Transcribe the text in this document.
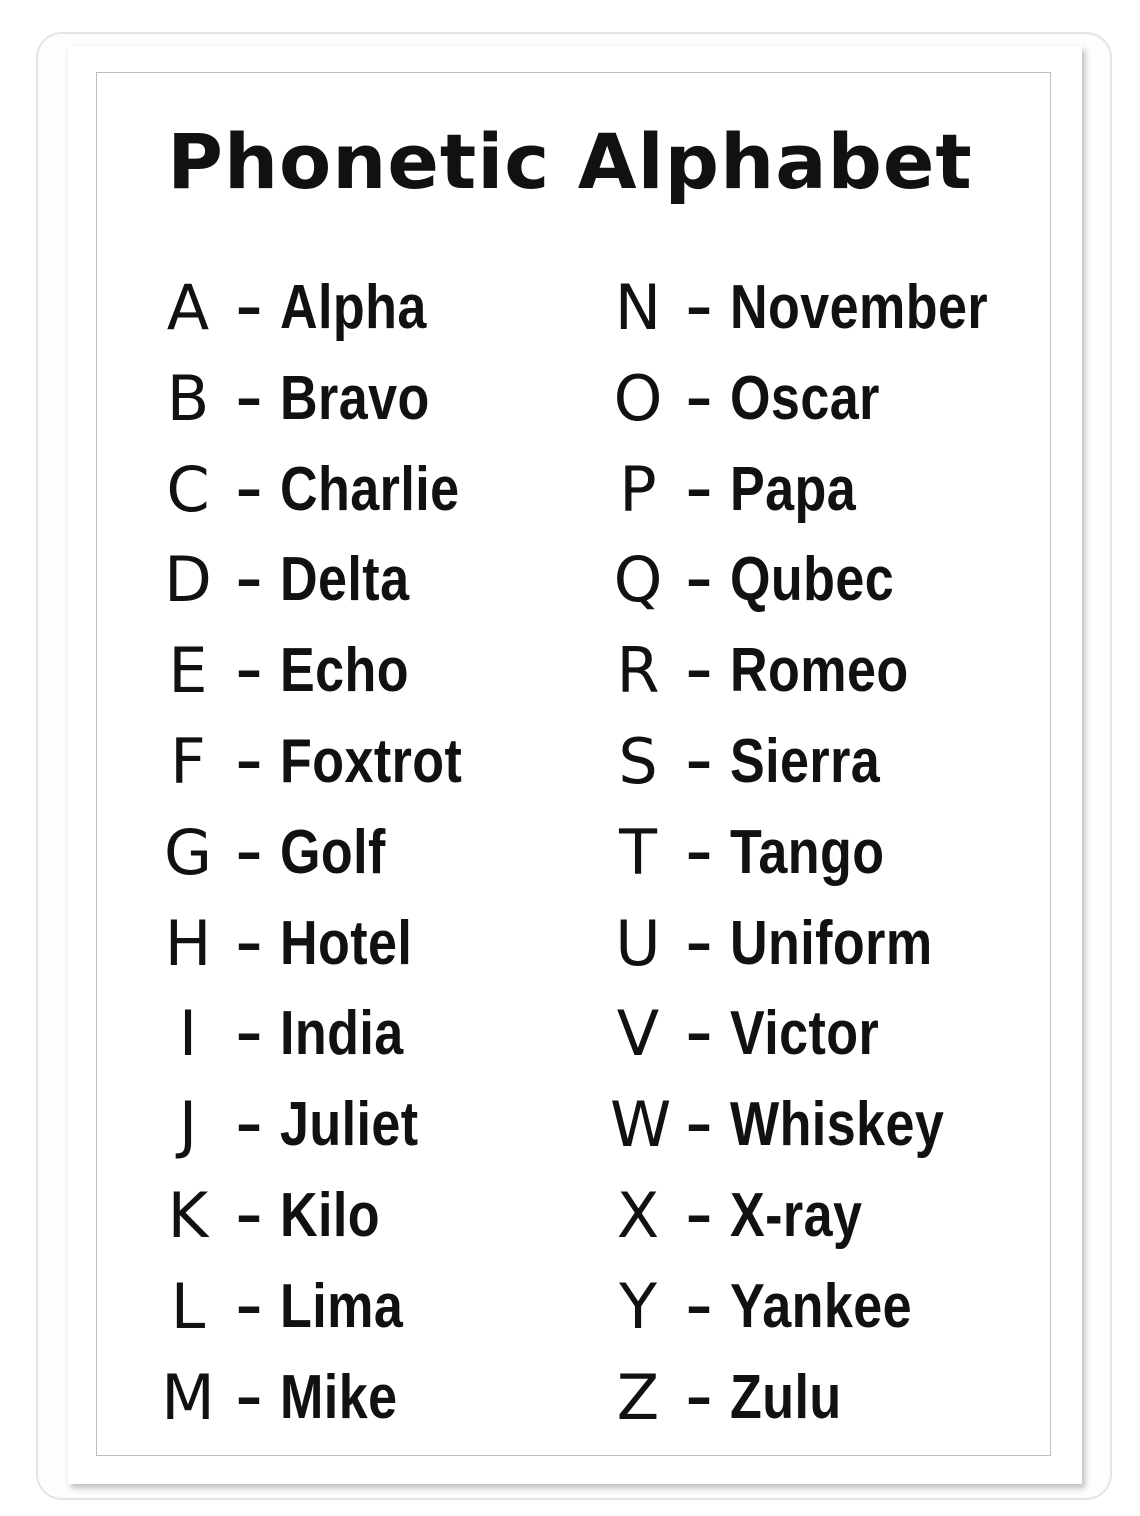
Phonetic Alphabet
A – Alpha
B – Bravo
C – Charlie
D – Delta
E – Echo
F – Foxtrot
G – Golf
H – Hotel
I – India
J – Juliet
K – Kilo
L – Lima
M – Mike
N – November
O – Oscar
P – Papa
Q – Qubec
R – Romeo
S – Sierra
T – Tango
U – Uniform
V – Victor
W – Whiskey
X – X-ray
Y – Yankee
Z – Zulu
